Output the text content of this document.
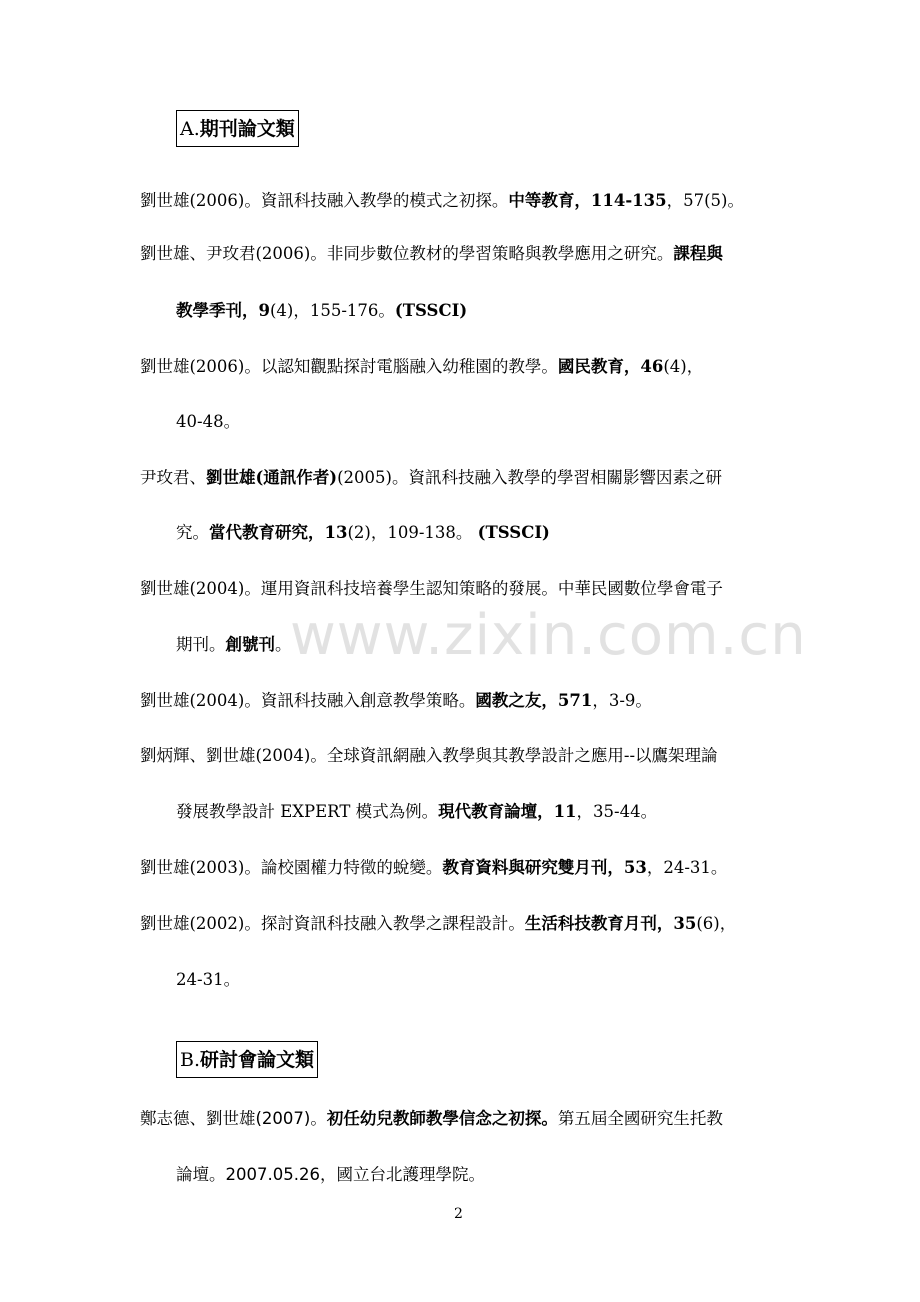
www.zixin.com.cn
A.期刊論文類
劉世雄(2006)。資訊科技融入教學的模式之初探。中等教育，114-135，57(5)。
劉世雄、尹玫君(2006)。非同步數位教材的學習策略與教學應用之研究。課程與
教學季刊，9(4)，155-176。(TSSCI)
劉世雄(2006)。以認知觀點探討電腦融入幼稚園的教學。國民教育，46(4)，
40-48。
尹玫君、劉世雄(通訊作者)(2005)。資訊科技融入教學的學習相關影響因素之研
究。當代教育研究，13(2)，109-138。 (TSSCI)
劉世雄(2004)。運用資訊科技培養學生認知策略的發展。中華民國數位學會電子
期刊。創號刊。
劉世雄(2004)。資訊科技融入創意教學策略。國教之友，571，3-9。
劉炳輝、劉世雄(2004)。全球資訊網融入教學與其教學設計之應用--以鷹架理論
發展教學設計 EXPERT 模式為例。現代教育論壇，11，35-44。
劉世雄(2003)。論校園權力特徵的蛻變。教育資料與研究雙月刊，53，24-31。
劉世雄(2002)。探討資訊科技融入教學之課程設計。生活科技教育月刊，35(6)，
24-31。
B.研討會論文類
鄭志德、劉世雄(2007)。初任幼兒教師教學信念之初探。第五屆全國研究生托教
論壇。2007.05.26，國立台北護理學院。
2
